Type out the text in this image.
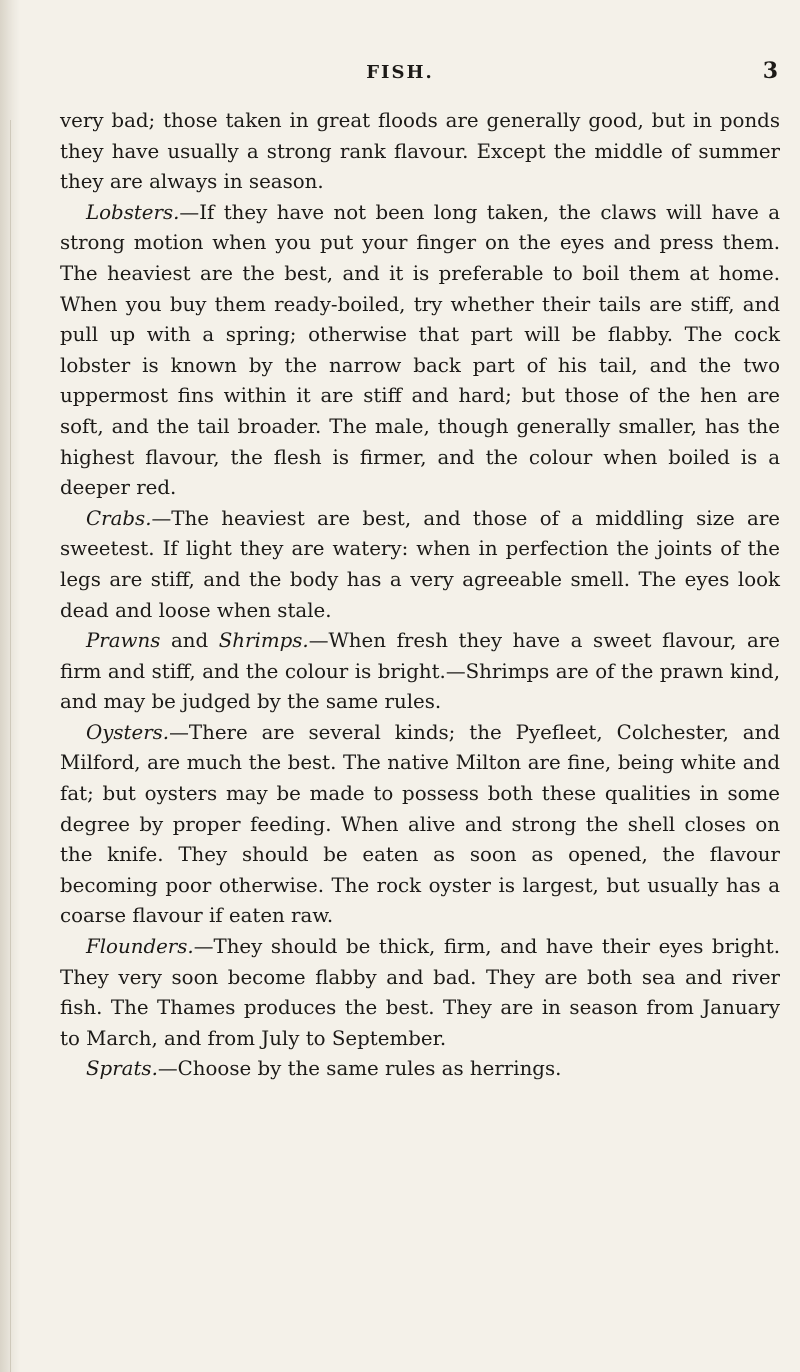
FISH.	3

very bad; those taken in great floods are generally good, but in ponds they have usually a strong rank flavour. Except the middle of summer they are always in season.

Lobsters.—If they have not been long taken, the claws will have a strong motion when you put your finger on the eyes and press them. The heaviest are the best, and it is preferable to boil them at home. When you buy them ready-boiled, try whether their tails are stiff, and pull up with a spring; otherwise that part will be flabby. The cock lobster is known by the narrow back part of his tail, and the two uppermost fins within it are stiff and hard; but those of the hen are soft, and the tail broader. The male, though generally smaller, has the highest flavour, the flesh is firmer, and the colour when boiled is a deeper red.

Crabs.—The heaviest are best, and those of a middling size are sweetest. If light they are watery: when in perfection the joints of the legs are stiff, and the body has a very agreeable smell. The eyes look dead and loose when stale.

Prawns and Shrimps.—When fresh they have a sweet flavour, are firm and stiff, and the colour is bright.—Shrimps are of the prawn kind, and may be judged by the same rules.

Oysters.—There are several kinds; the Pyefleet, Colchester, and Milford, are much the best. The native Milton are fine, being white and fat; but oysters may be made to possess both these qualities in some degree by proper feeding. When alive and strong the shell closes on the knife. They should be eaten as soon as opened, the flavour becoming poor otherwise. The rock oyster is largest, but usually has a coarse flavour if eaten raw.

Flounders.—They should be thick, firm, and have their eyes bright. They very soon become flabby and bad. They are both sea and river fish. The Thames produces the best. They are in season from January to March, and from July to September.

Sprats.—Choose by the same rules as herrings.
